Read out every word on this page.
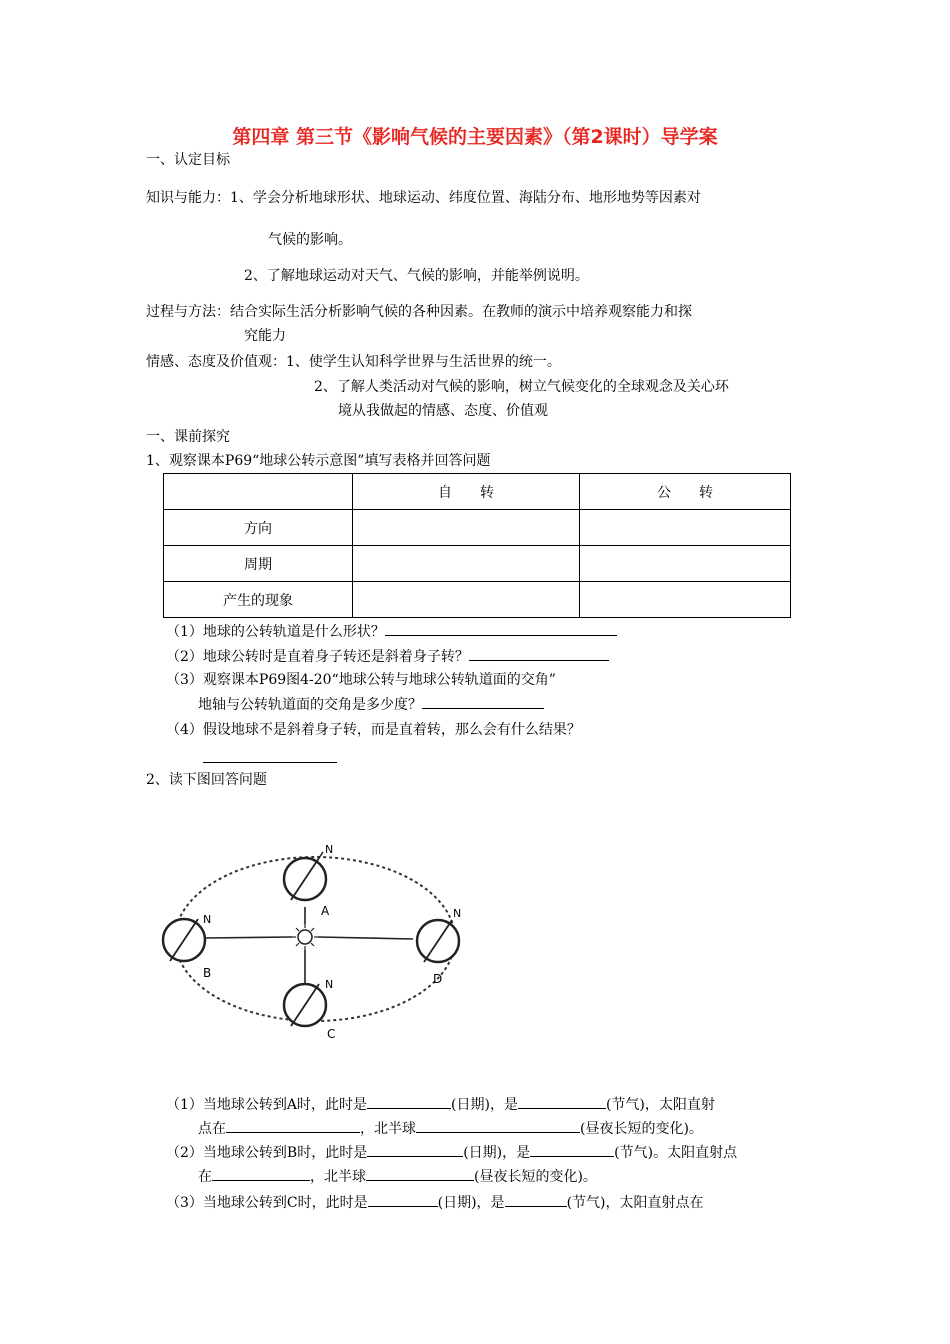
第四章 第三节《影响气候的主要因素》（第2课时）导学案
一、认定目标
知识与能力：1、学会分析地球形状、地球运动、纬度位置、海陆分布、地形地势等因素对
气候的影响。
2、了解地球运动对天气、气候的影响，并能举例说明。
过程与方法：结合实际生活分析影响气候的各种因素。在教师的演示中培养观察能力和探
究能力
情感、态度及价值观：1、使学生认知科学世界与生活世界的统一。
2、了解人类活动对气候的影响，树立气候变化的全球观念及关心环
境从我做起的情感、态度、价值观
一、课前探究
1、观察课本P69“地球公转示意图”填写表格并回答问题
	自　　转	公　　转
方向		
周期		
产生的现象		
（1）地球的公转轨道是什么形状？
（2）地球公转时是直着身子转还是斜着身子转？
（3）观察课本P69图4-20“地球公转与地球公转轨道面的交角”
地轴与公转轨道面的交角是多少度？
（4）假设地球不是斜着身子转，而是直着转，那么会有什么结果？
2、读下图回答问题
N
A
N
B
N
D
N
C
（1）当地球公转到A时，此时是	(日期)，是	(节气)，太阳直射
点在	，北半球	(昼夜长短的变化)。
（2）当地球公转到B时，此时是	(日期)，是	(节气)。太阳直射点
在	，北半球	(昼夜长短的变化)。
（3）当地球公转到C时，此时是	(日期)，是	(节气)，太阳直射点在
